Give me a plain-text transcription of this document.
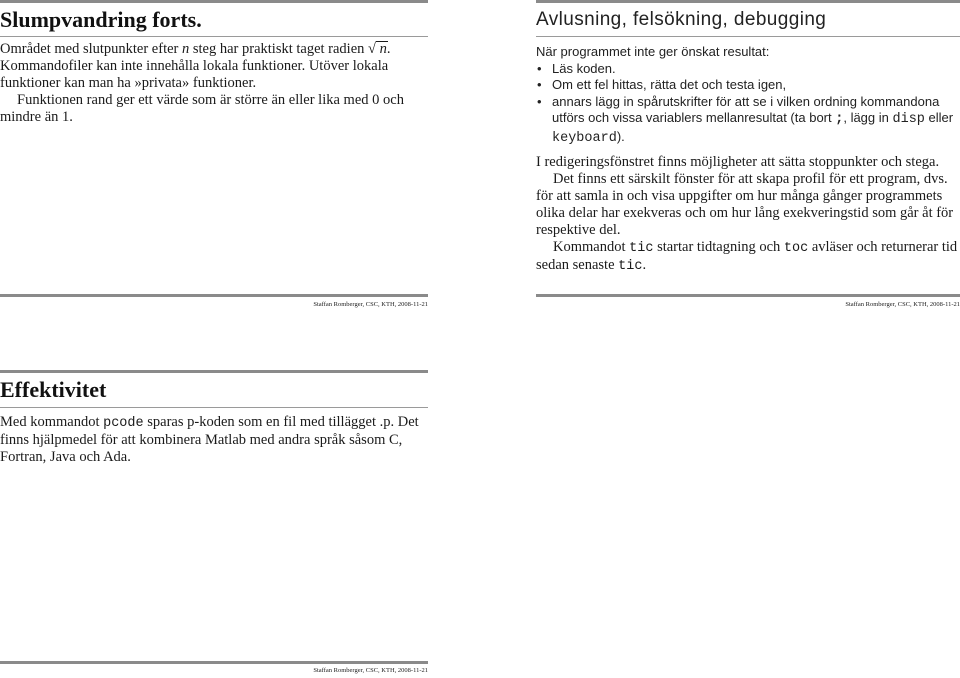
Slumpvandring forts.

Området med slutpunkter efter n steg har praktiskt taget radien
√ n.

Kommandofiler kan inte innehålla lokala funktioner. Utöver lokala funktioner kan man ha »privata» funktioner.

Funktionen rand ger ett värde som är större än eller lika med 0 och mindre än 1.

Staffan Romberger, CSC, KTH, 2008-11-21
Avlusning, felsökning, debugging

När programmet inte ger önskat resultat:

• Läs koden.
• Om ett fel hittas, rätta det och testa igen,
• annars lägg in spårutskrifter för att se i vilken ordning kommandona utförs och vissa variablers mellanresultat (ta bort ;, lägg in disp eller keyboard).

I redigeringsfönstret finns möjligheter att sätta stoppunkter och stega.

Det finns ett särskilt fönster för att skapa profil för ett program, dvs. för att samla in och visa uppgifter om hur många gånger programmets olika delar har exekveras och om hur lång exekveringstid som går åt för respektive del.

Kommandot tic startar tidtagning och toc avläser och returnerar tid sedan senaste tic.

Staffan Romberger, CSC, KTH, 2008-11-21
Effektivitet

Med kommandot pcode sparas p-koden som en fil med tillägget .p. Det finns hjälpmedel för att kombinera Matlab med andra språk såsom C, Fortran, Java och Ada.

Staffan Romberger, CSC, KTH, 2008-11-21
